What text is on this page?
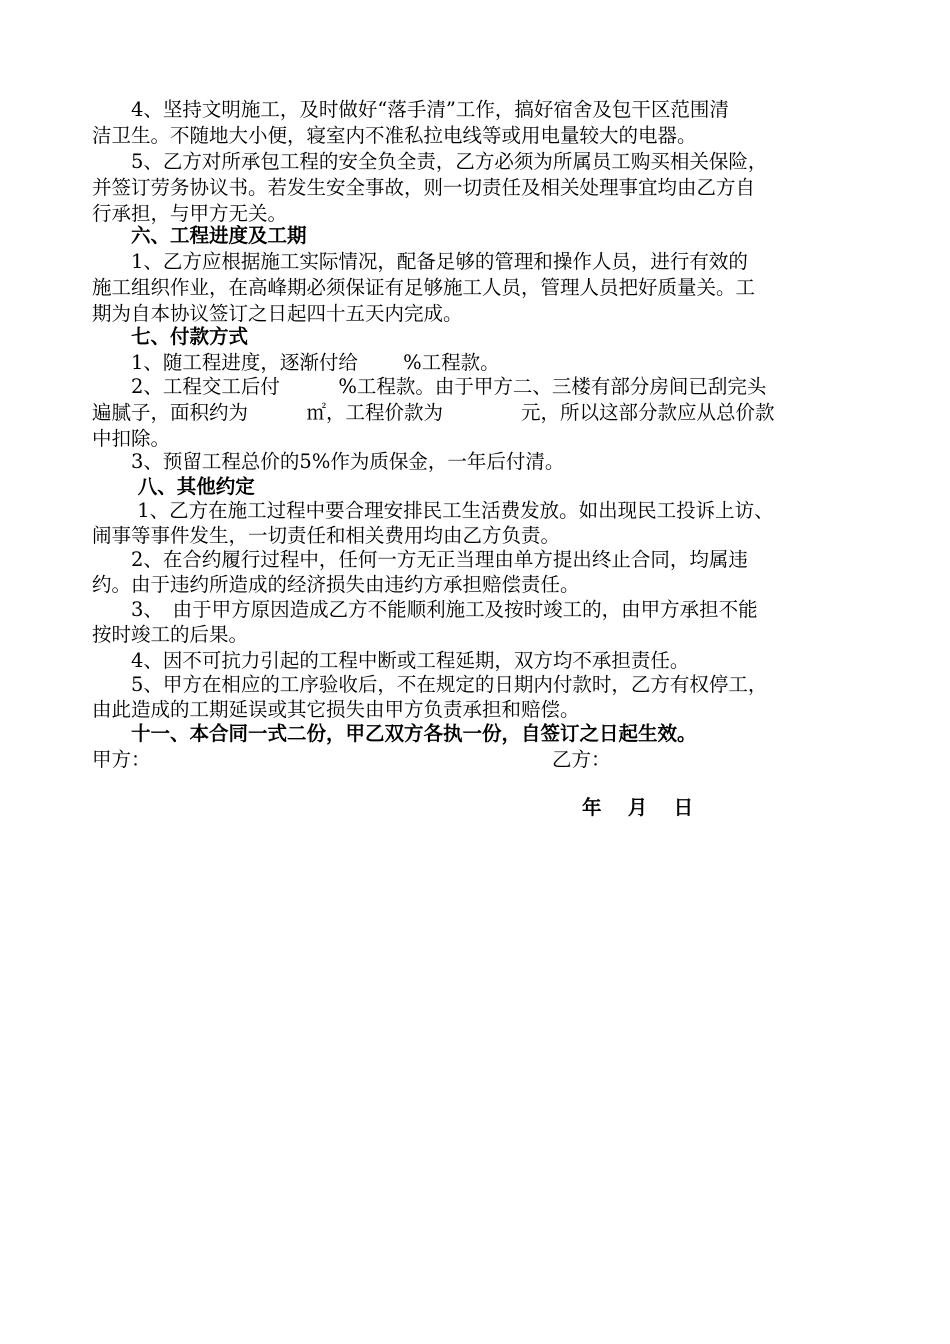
　　4、坚持文明施工，及时做好“落手清”工作，搞好宿舍及包干区范围清
洁卫生。不随地大小便，寝室内不准私拉电线等或用电量较大的电器。
　　5、乙方对所承包工程的安全负全责，乙方必须为所属员工购买相关保险，
并签订劳务协议书。若发生安全事故，则一切责任及相关处理事宜均由乙方自
行承担，与甲方无关。
　　六、工程进度及工期
　　1、乙方应根据施工实际情况，配备足够的管理和操作人员，进行有效的
施工组织作业，在高峰期必须保证有足够施工人员，管理人员把好质量关。工
期为自本协议签订之日起四十五天内完成。
　　七、付款方式
　　1、随工程进度，逐渐付给　　 %工程款。
　　2、工程交工后付　　　%工程款。由于甲方二、三楼有部分房间已刮完头
遍腻子，面积约为　　　㎡，工程价款为　　　　元，所以这部分款应从总价款
中扣除。
　　3、预留工程总价的5%作为质保金，一年后付清。
　　 八、其他约定
　　 1、乙方在施工过程中要合理安排民工生活费发放。如出现民工投诉上访、
闹事等事件发生，一切责任和相关费用均由乙方负责。
　　2、在合约履行过程中，任何一方无正当理由单方提出终止合同，均属违
约。由于违约所造成的经济损失由违约方承担赔偿责任。
　　3、　由于甲方原因造成乙方不能顺利施工及按时竣工的，由甲方承担不能
按时竣工的后果。
　　4、因不可抗力引起的工程中断或工程延期，双方均不承担责任。
　　5、甲方在相应的工序验收后，不在规定的日期内付款时，乙方有权停工，
由此造成的工期延误或其它损失由甲方负责承担和赔偿。
　　十一、本合同一式二份，甲乙双方各执一份，自签订之日起生效。
甲方：	乙方：
年　 月　 日
